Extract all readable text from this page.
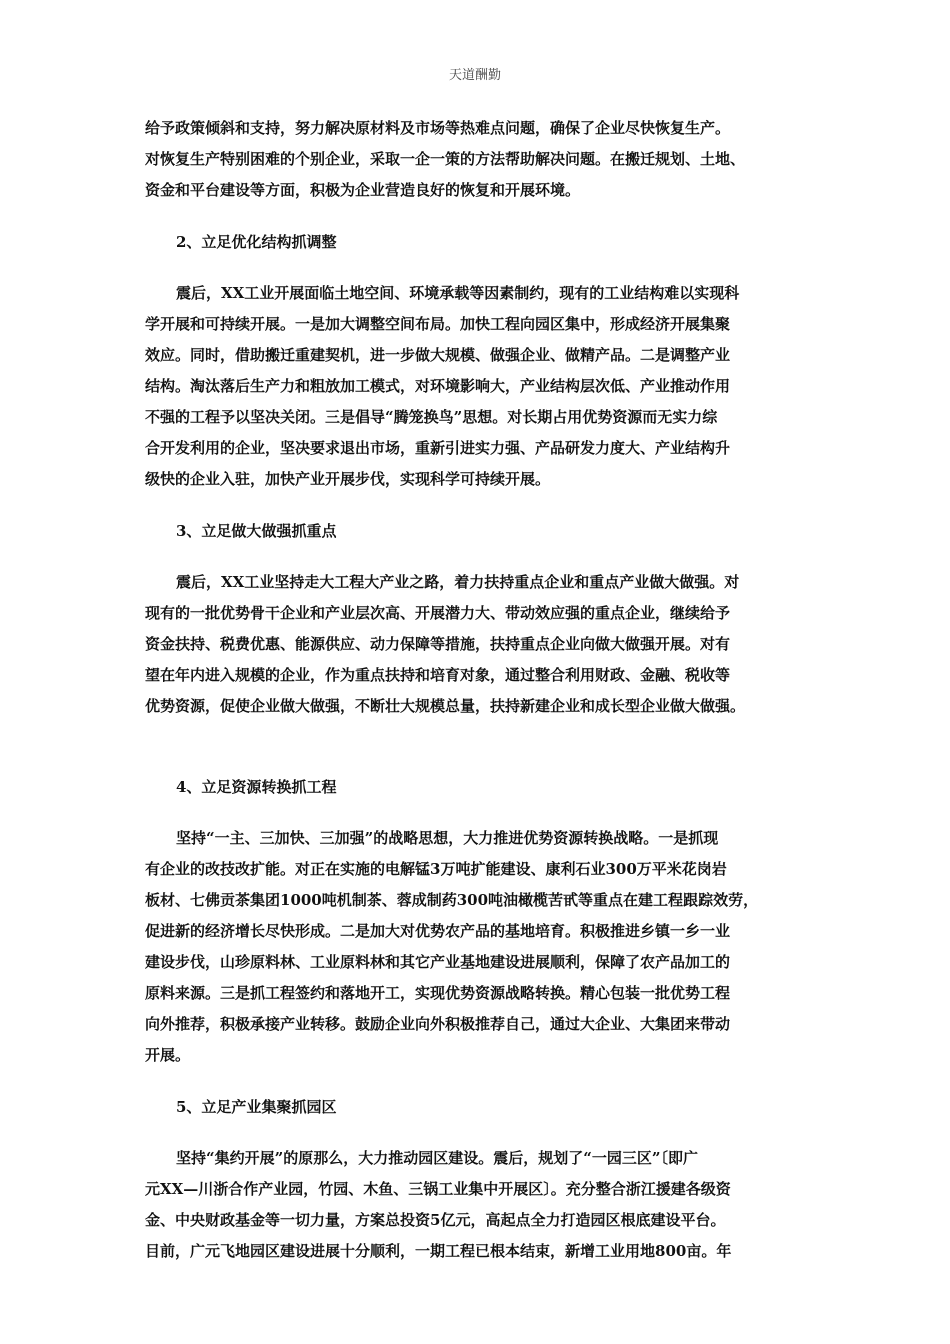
天道酬勤
给予政策倾斜和支持，努力解决原材料及市场等热难点问题，确保了企业尽快恢复生产。
对恢复生产特别困难的个别企业，采取一企一策的方法帮助解决问题。在搬迁规划、土地、
资金和平台建设等方面，积极为企业营造良好的恢复和开展环境。
2、立足优化结构抓调整
震后，XX工业开展面临土地空间、环境承载等因素制约，现有的工业结构难以实现科
学开展和可持续开展。一是加大调整空间布局。加快工程向园区集中，形成经济开展集聚
效应。同时，借助搬迁重建契机，进一步做大规模、做强企业、做精产品。二是调整产业
结构。淘汰落后生产力和粗放加工模式，对环境影响大，产业结构层次低、产业推动作用
不强的工程予以坚决关闭。三是倡导“腾笼换鸟”思想。对长期占用优势资源而无实力综
合开发利用的企业，坚决要求退出市场，重新引进实力强、产品研发力度大、产业结构升
级快的企业入驻，加快产业开展步伐，实现科学可持续开展。
3、立足做大做强抓重点
震后，XX工业坚持走大工程大产业之路，着力扶持重点企业和重点产业做大做强。对
现有的一批优势骨干企业和产业层次高、开展潜力大、带动效应强的重点企业，继续给予
资金扶持、税费优惠、能源供应、动力保障等措施，扶持重点企业向做大做强开展。对有
望在年内进入规模的企业，作为重点扶持和培育对象，通过整合利用财政、金融、税收等
优势资源，促使企业做大做强，不断壮大规模总量，扶持新建企业和成长型企业做大做强。
4、立足资源转换抓工程
坚持“一主、三加快、三加强”的战略思想，大力推进优势资源转换战略。一是抓现
有企业的改技改扩能。对正在实施的电解锰3万吨扩能建设、康利石业300万平米花岗岩
板材、七佛贡茶集团1000吨机制茶、蓉成制药300吨油橄榄苦甙等重点在建工程跟踪效劳，
促进新的经济增长尽快形成。二是加大对优势农产品的基地培育。积极推进乡镇一乡一业
建设步伐，山珍原料林、工业原料林和其它产业基地建设进展顺利，保障了农产品加工的
原料来源。三是抓工程签约和落地开工，实现优势资源战略转换。精心包装一批优势工程
向外推荐，积极承接产业转移。鼓励企业向外积极推荐自己，通过大企业、大集团来带动
开展。
5、立足产业集聚抓园区
坚持“集约开展”的原那么，大力推动园区建设。震后，规划了“一园三区”〔即广
元XX—川浙合作产业园，竹园、木鱼、三锅工业集中开展区〕。充分整合浙江援建各级资
金、中央财政基金等一切力量，方案总投资5亿元，高起点全力打造园区根底建设平台。
目前，广元飞地园区建设进展十分顺利，一期工程已根本结束，新增工业用地800亩。年
